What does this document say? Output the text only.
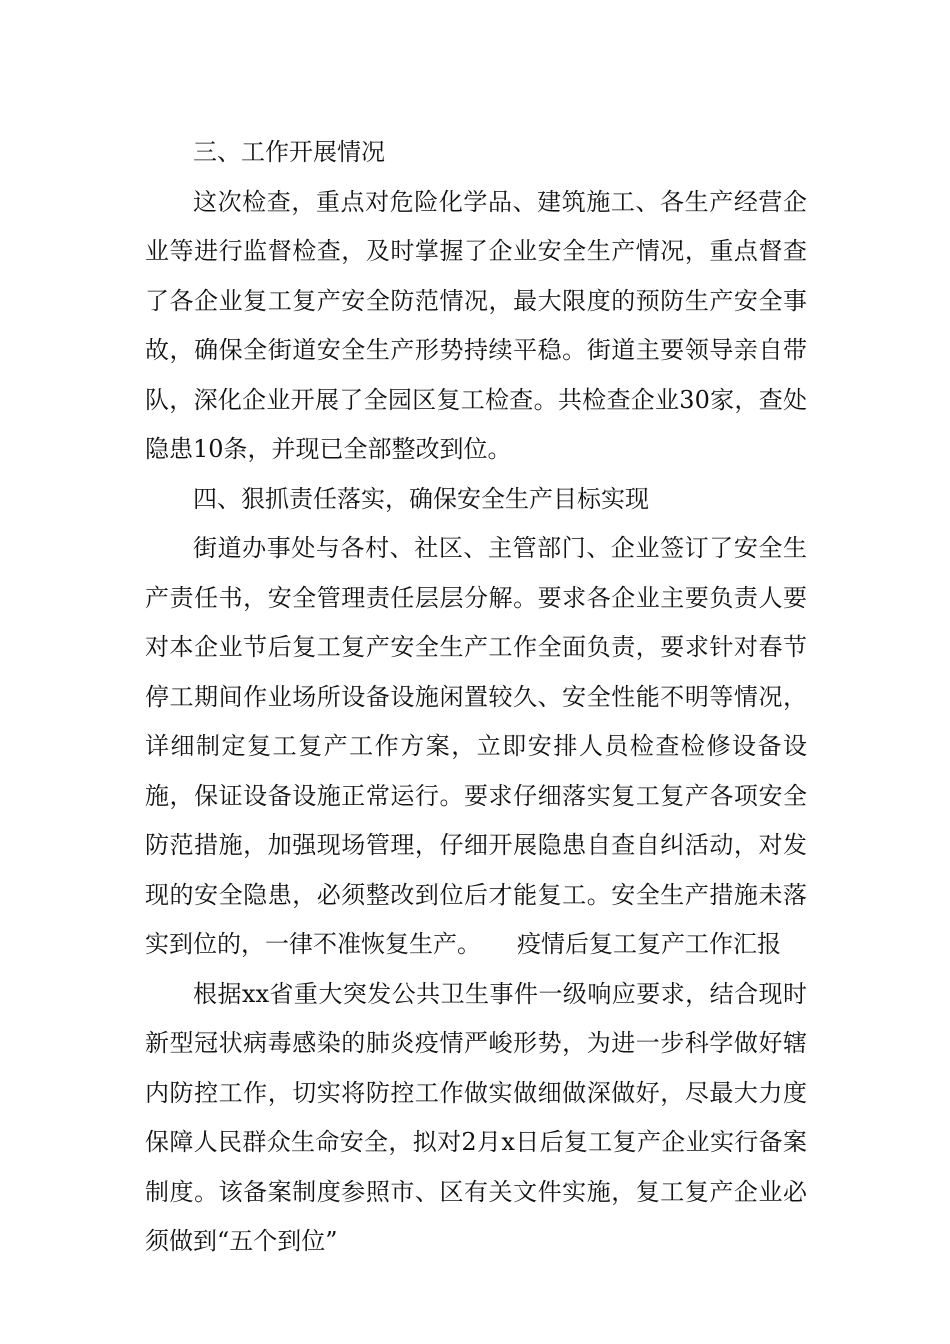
三、工作开展情况

这次检查，重点对危险化学品、建筑施工、各生产经营企业等进行监督检查，及时掌握了企业安全生产情况，重点督查了各企业复工复产安全防范情况，最大限度的预防生产安全事故，确保全街道安全生产形势持续平稳。街道主要领导亲自带队，深化企业开展了全园区复工检查。共检查企业30家，查处隐患10条，并现已全部整改到位。

四、狠抓责任落实，确保安全生产目标实现

街道办事处与各村、社区、主管部门、企业签订了安全生产责任书，安全管理责任层层分解。要求各企业主要负责人要对本企业节后复工复产安全生产工作全面负责，要求针对春节停工期间作业场所设备设施闲置较久、安全性能不明等情况，详细制定复工复产工作方案，立即安排人员检查检修设备设施，保证设备设施正常运行。要求仔细落实复工复产各项安全防范措施，加强现场管理，仔细开展隐患自查自纠活动，对发现的安全隐患，必须整改到位后才能复工。安全生产措施未落实到位的，一律不准恢复生产。　　疫情后复工复产工作汇报

根据xx省重大突发公共卫生事件一级响应要求，结合现时新型冠状病毒感染的肺炎疫情严峻形势，为进一步科学做好辖内防控工作，切实将防控工作做实做细做深做好，尽最大力度保障人民群众生命安全，拟对2月x日后复工复产企业实行备案制度。该备案制度参照市、区有关文件实施，复工复产企业必须做到“五个到位”
